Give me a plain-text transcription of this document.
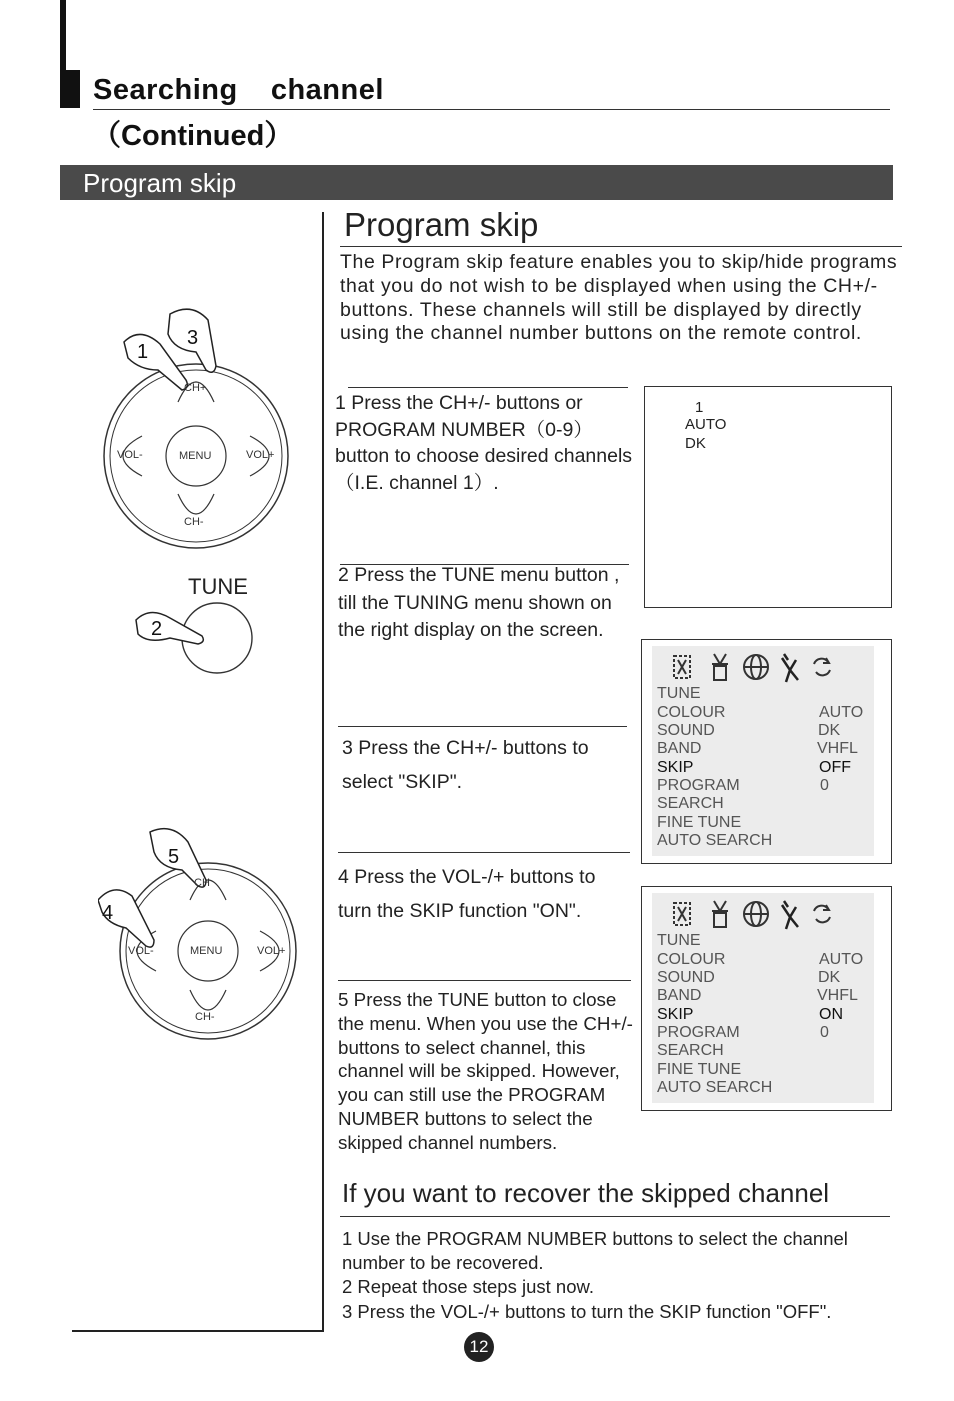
Searching  channel
（Continued）
Program skip
Program skip
The Program skip feature enables you to skip/hide programs that you do not wish to be displayed when using the CH+/- buttons. These channels will still be displayed by directly using the channel number buttons on the remote control.
1 Press the CH+/- buttons or PROGRAM NUMBER（0-9）button to choose desired channels（I.E. channel 1）.
2 Press the TUNE menu button , till the TUNING menu shown on the right display on the screen.
3 Press the CH+/- buttons to select "SKIP".
4 Press the VOL-/+ buttons to turn the SKIP function "ON".
5 Press the TUNE button to close the menu. When you use the CH+/- buttons to select channel, this channel will be skipped. However, you can still use the PROGRAM NUMBER buttons to select the skipped channel numbers.
1
AUTO
DK
TUNE
COLOUR
SOUND
BAND
SKIP
PROGRAM
SEARCH
FINE TUNE
AUTO SEARCH
AUTO
DK
VHFL
OFF
0
TUNE
COLOUR
SOUND
BAND
SKIP
PROGRAM
SEARCH
FINE TUNE
AUTO SEARCH
AUTO
DK
VHFL
ON
0
CH+
CH-
VOL-	VOL+
MENU
1
3
TUNE
2
CH
CH-
VOL-	VOL+
MENU
5
4
If you want to recover the skipped channel
1 Use the PROGRAM NUMBER buttons to select the channel number to be recovered.
2 Repeat those steps just now.
3 Press the VOL-/+ buttons to turn the SKIP function "OFF".
12
